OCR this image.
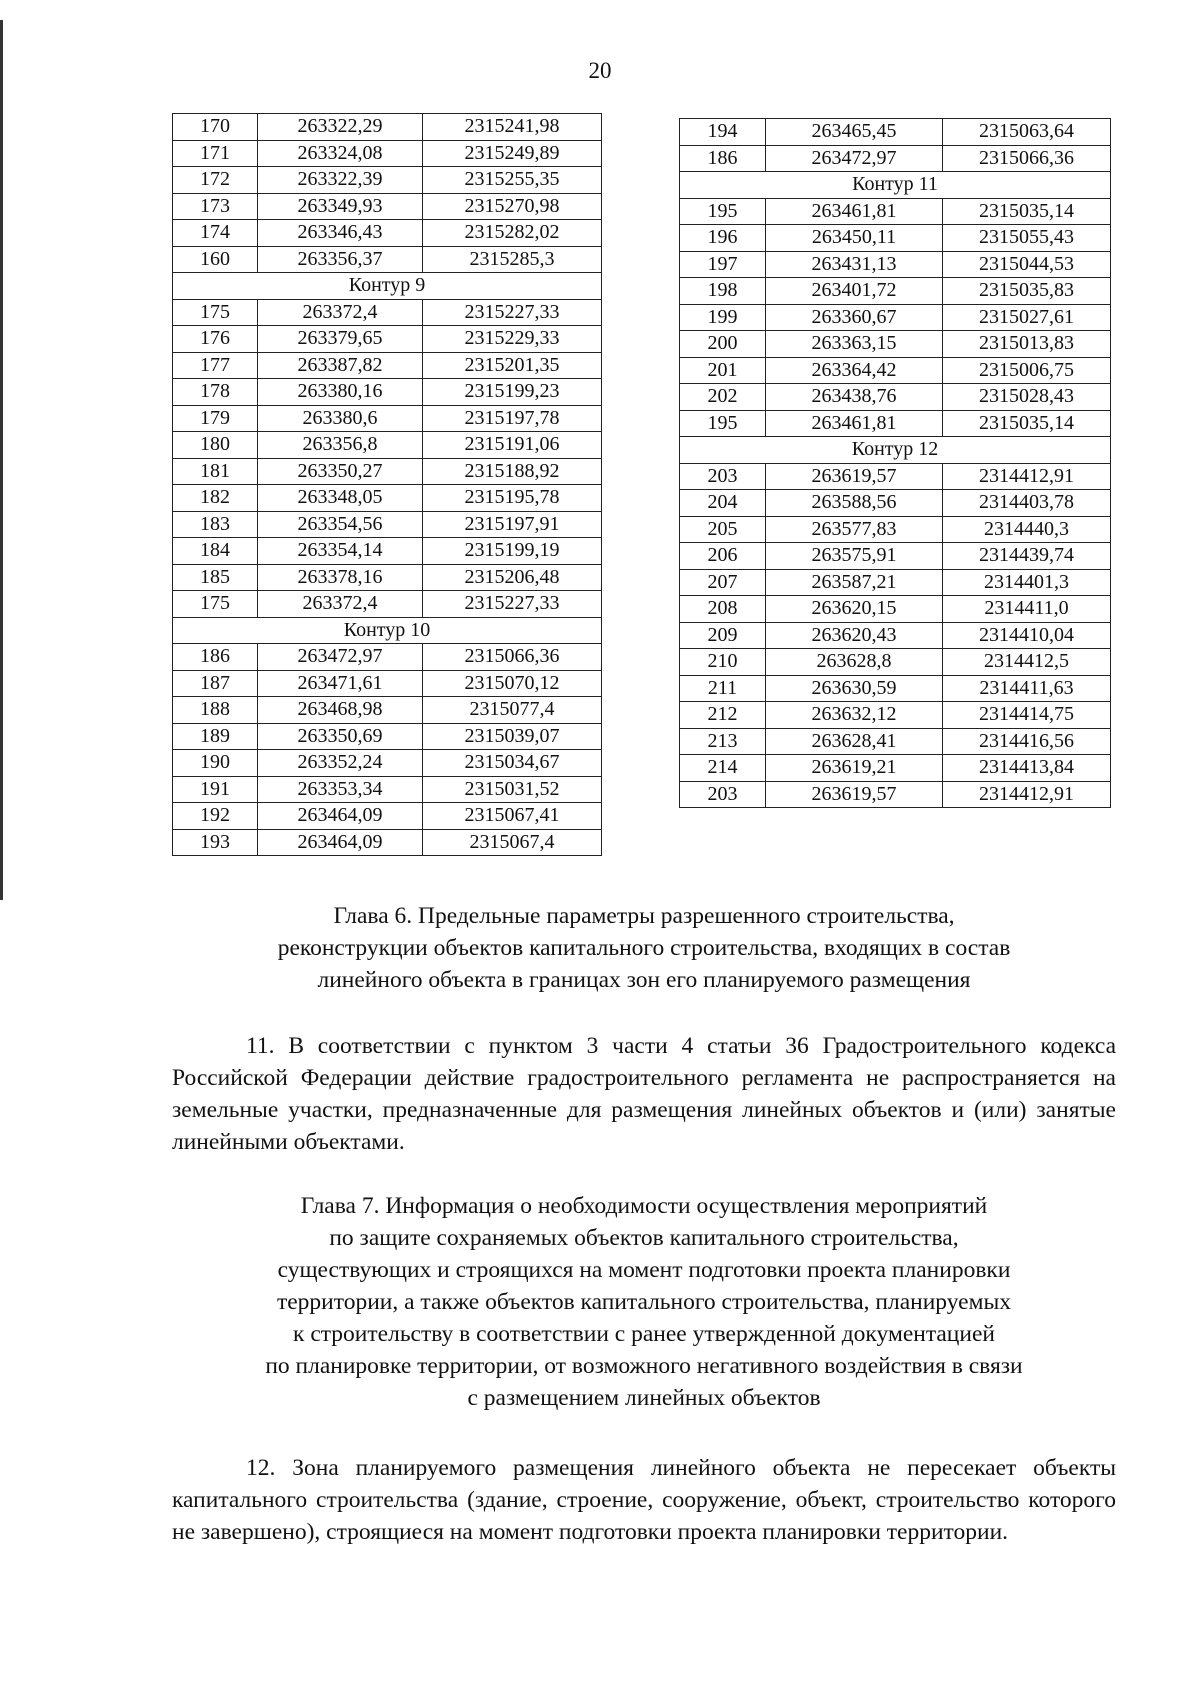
20
170	263322,29	2315241,98
171	263324,08	2315249,89
172	263322,39	2315255,35
173	263349,93	2315270,98
174	263346,43	2315282,02
160	263356,37	2315285,3
Контур 9		
175	263372,4	2315227,33
176	263379,65	2315229,33
177	263387,82	2315201,35
178	263380,16	2315199,23
179	263380,6	2315197,78
180	263356,8	2315191,06
181	263350,27	2315188,92
182	263348,05	2315195,78
183	263354,56	2315197,91
184	263354,14	2315199,19
185	263378,16	2315206,48
175	263372,4	2315227,33
Контур 10		
186	263472,97	2315066,36
187	263471,61	2315070,12
188	263468,98	2315077,4
189	263350,69	2315039,07
190	263352,24	2315034,67
191	263353,34	2315031,52
192	263464,09	2315067,41
193	263464,09	2315067,4
194	263465,45	2315063,64
186	263472,97	2315066,36
Контур 11		
195	263461,81	2315035,14
196	263450,11	2315055,43
197	263431,13	2315044,53
198	263401,72	2315035,83
199	263360,67	2315027,61
200	263363,15	2315013,83
201	263364,42	2315006,75
202	263438,76	2315028,43
195	263461,81	2315035,14
Контур 12		
203	263619,57	2314412,91
204	263588,56	2314403,78
205	263577,83	2314440,3
206	263575,91	2314439,74
207	263587,21	2314401,3
208	263620,15	2314411,0
209	263620,43	2314410,04
210	263628,8	2314412,5
211	263630,59	2314411,63
212	263632,12	2314414,75
213	263628,41	2314416,56
214	263619,21	2314413,84
203	263619,57	2314412,91
Глава 6. Предельные параметры разрешенного строительства,
реконструкции объектов капитального строительства, входящих в состав
линейного объекта в границах зон его планируемого размещения
11. В соответствии с пунктом 3 части 4 статьи 36 Градостроительного кодекса Российской Федерации действие градостроительного регламента не распространяется на земельные участки, предназначенные для размещения линейных объектов и (или) занятые линейными объектами.
Глава 7. Информация о необходимости осуществления мероприятий
по защите сохраняемых объектов капитального строительства,
существующих и строящихся на момент подготовки проекта планировки
территории, а также объектов капитального строительства, планируемых
к строительству в соответствии с ранее утвержденной документацией
по планировке территории, от возможного негативного воздействия в связи
с размещением линейных объектов
12. Зона планируемого размещения линейного объекта не пересекает объекты капитального строительства (здание, строение, сооружение, объект, строительство которого не завершено), строящиеся на момент подготовки проекта планировки территории.
